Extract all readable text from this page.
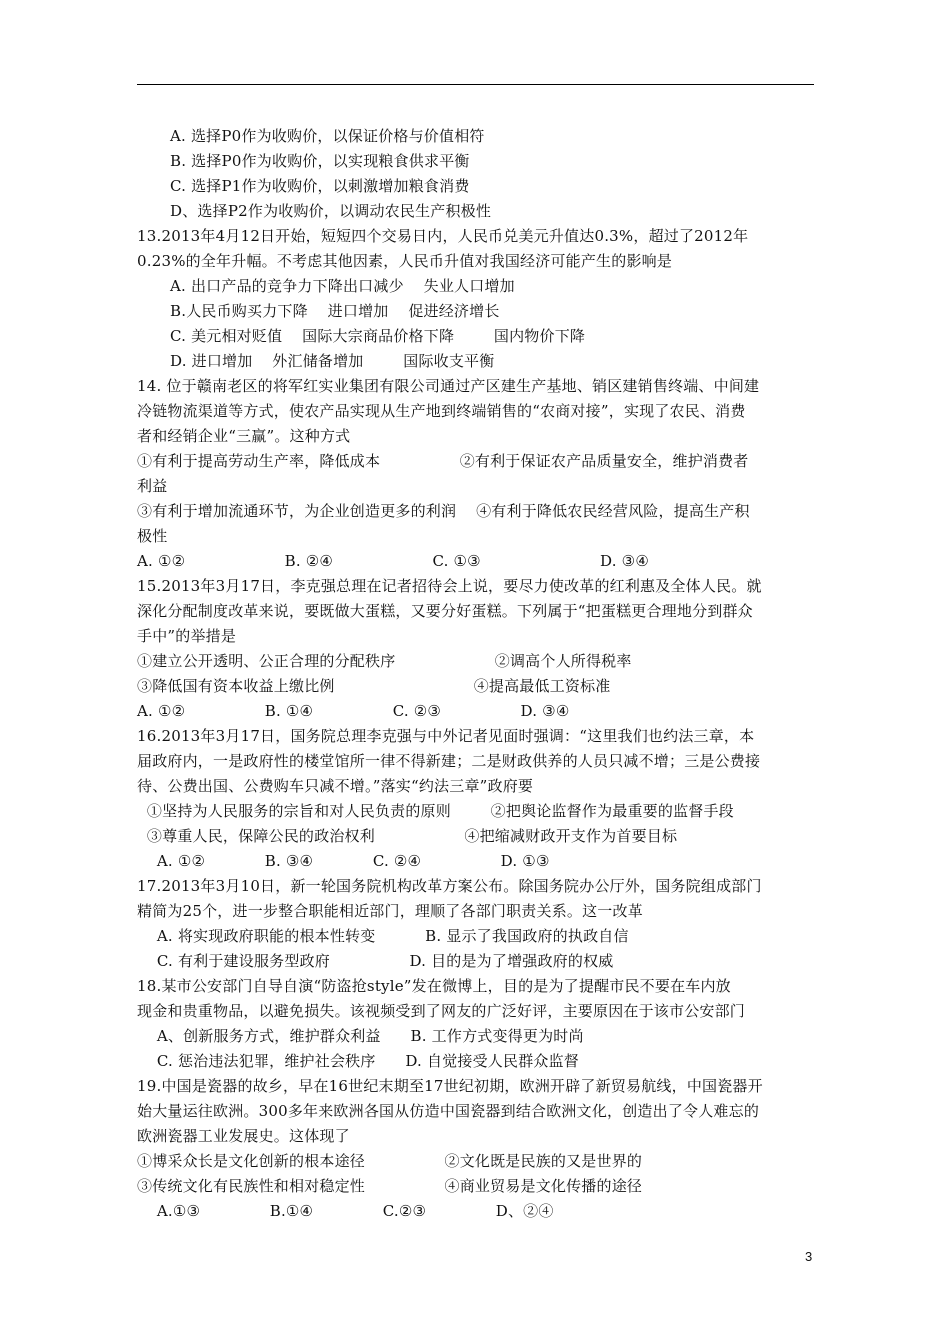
A. 选择P0作为收购价，以保证价格与价值相符
B. 选择P0作为收购价，以实现粮食供求平衡
C. 选择P1作为收购价，以刺激增加粮食消费
D、选择P2作为收购价，以调动农民生产积极性
13.2013年4月12日开始，短短四个交易日内，人民币兑美元升值达0.3%，超过了2012年
0.23%的全年升幅。不考虑其他因素，人民币升值对我国经济可能产生的影响是
A. 出口产品的竞争力下降出口减少    失业人口增加
B.人民币购买力下降    进口增加    促进经济增长
C. 美元相对贬值    国际大宗商品价格下降        国内物价下降
D. 进口增加    外汇储备增加        国际收支平衡
14. 位于赣南老区的将军红实业集团有限公司通过产区建生产基地、销区建销售终端、中间建
冷链物流渠道等方式，使农产品实现从生产地到终端销售的“农商对接”，实现了农民、消费
者和经销企业“三赢”。这种方式
①有利于提高劳动生产率，降低成本                ②有利于保证农产品质量安全，维护消费者
利益
③有利于增加流通环节，为企业创造更多的利润    ④有利于降低农民经营风险，提高生产积
极性
A. ①②                    B. ②④                    C. ①③                        D. ③④
15.2013年3月17日，李克强总理在记者招待会上说，要尽力使改革的红利惠及全体人民。就
深化分配制度改革来说，要既做大蛋糕，又要分好蛋糕。下列属于“把蛋糕更合理地分到群众
手中”的举措是
①建立公开透明、公正合理的分配秩序                    ②调高个人所得税率
③降低国有资本收益上缴比例                            ④提高最低工资标准
A. ①②                B. ①④                C. ②③                D. ③④
16.2013年3月17日，国务院总理李克强与中外记者见面时强调：“这里我们也约法三章，本
届政府内，一是政府性的楼堂馆所一律不得新建；二是财政供养的人员只减不增；三是公费接
待、公费出国、公费购车只减不增。”落实“约法三章”政府要
①坚持为人民服务的宗旨和对人民负责的原则        ②把舆论监督作为最重要的监督手段
③尊重人民，保障公民的政治权利                  ④把缩减财政开支作为首要目标
A. ①②            B. ③④            C. ②④                D. ①③
17.2013年3月10日，新一轮国务院机构改革方案公布。除国务院办公厅外，国务院组成部门
精简为25个，进一步整合职能相近部门，理顺了各部门职责关系。这一改革
A. 将实现政府职能的根本性转变          B. 显示了我国政府的执政自信
C. 有利于建设服务型政府                D. 目的是为了增强政府的权威
18.某市公安部门自导自演“防盗抢style”发在微博上，目的是为了提醒市民不要在车内放
现金和贵重物品，以避免损失。该视频受到了网友的广泛好评，主要原因在于该市公安部门
A、创新服务方式，维护群众利益      B. 工作方式变得更为时尚
C. 惩治违法犯罪，维护社会秩序      D. 自觉接受人民群众监督
19.中国是瓷器的故乡，早在16世纪末期至17世纪初期，欧洲开辟了新贸易航线，中国瓷器开
始大量运往欧洲。300多年来欧洲各国从仿造中国瓷器到结合欧洲文化，创造出了令人难忘的
欧洲瓷器工业发展史。这体现了
①博采众长是文化创新的根本途径                ②文化既是民族的又是世界的
③传统文化有民族性和相对稳定性                ④商业贸易是文化传播的途径
A.①③              B.①④              C.②③              D、②④
3
